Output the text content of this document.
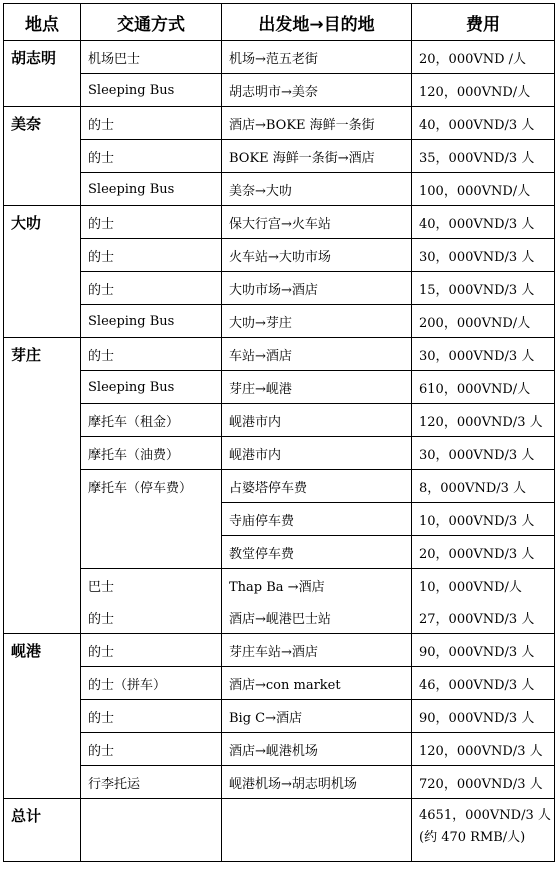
地点	交通方式	出发地→目的地	费用
胡志明	机场巴士	机场→范五老街	20，000VND /人
	Sleeping Bus	胡志明市→美奈	120，000VND/人
美奈	的士	酒店→BOKE 海鲜一条街	40，000VND/3 人
	的士	BOKE 海鲜一条街→酒店	35，000VND/3 人
	Sleeping Bus	美奈→大叻	100，000VND/人
大叻	的士	保大行宫→火车站	40，000VND/3 人
	的士	火车站→大叻市场	30，000VND/3 人
	的士	大叻市场→酒店	15，000VND/3 人
	Sleeping Bus	大叻→芽庄	200，000VND/人
芽庄	的士	车站→酒店	30，000VND/3 人
	Sleeping Bus	芽庄→岘港	610，000VND/人
	摩托车（租金）	岘港市内	120，000VND/3 人
	摩托车（油费）	岘港市内	30，000VND/3 人
	摩托车（停车费）	占婆塔停车费	8，000VND/3 人
		寺庙停车费	10，000VND/3 人
		教堂停车费	20，000VND/3 人
	巴士	Thap Ba →酒店	10，000VND/人
	的士	酒店→岘港巴士站	27，000VND/3 人
岘港	的士	芽庄车站→酒店	90，000VND/3 人
	的士（拼车）	酒店→con market	46，000VND/3 人
	的士	Big C→酒店	90，000VND/3 人
	的士	酒店→岘港机场	120，000VND/3 人
	行李托运	岘港机场→胡志明机场	720，000VND/3 人
总计			4651，000VND/3 人
(约 470 RMB/人)
